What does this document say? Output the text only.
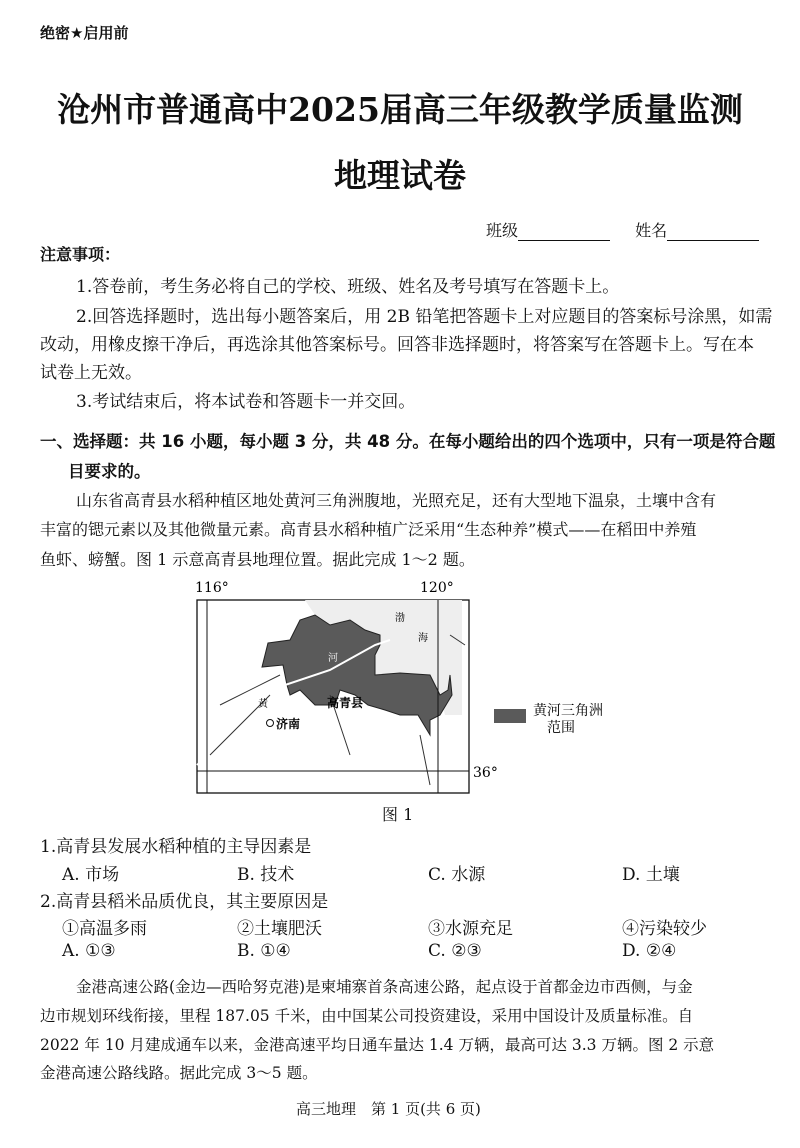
绝密★启用前
沧州市普通高中2025届高三年级教学质量监测
地理试卷
班级	姓名
注意事项：
1.答卷前，考生务必将自己的学校、班级、姓名及考号填写在答题卡上。
2.回答选择题时，选出每小题答案后，用 2B 铅笔把答题卡上对应题目的答案标号涂黑，如需
改动，用橡皮擦干净后，再选涂其他答案标号。回答非选择题时，将答案写在答题卡上。写在本
试卷上无效。
3.考试结束后，将本试卷和答题卡一并交回。
一、选择题：共 16 小题，每小题 3 分，共 48 分。在每小题给出的四个选项中，只有一项是符合题
目要求的。
山东省高青县水稻种植区地处黄河三角洲腹地，光照充足，还有大型地下温泉，土壤中含有
丰富的锶元素以及其他微量元素。高青县水稻种植广泛采用“生态种养”模式——在稻田中养殖
鱼虾、螃蟹。图 1 示意高青县地理位置。据此完成 1～2 题。
116°	120°
36°
渤
海
河
黄	高青县
济南
黄河三角洲
范围
图 1
1.高青县发展水稻种植的主导因素是
A. 市场	B. 技术	C. 水源	D. 土壤
2.高青县稻米品质优良，其主要原因是
①高温多雨	②土壤肥沃	③水源充足	④污染较少
A. ①③	B. ①④	C. ②③	D. ②④
金港高速公路(金边—西哈努克港)是柬埔寨首条高速公路，起点设于首都金边市西侧，与金
边市规划环线衔接，里程 187.05 千米，由中国某公司投资建设，采用中国设计及质量标准。自
2022 年 10 月建成通车以来，金港高速平均日通车量达 1.4 万辆，最高可达 3.3 万辆。图 2 示意
金港高速公路线路。据此完成 3～5 题。
高三地理　第 1 页(共 6 页)
